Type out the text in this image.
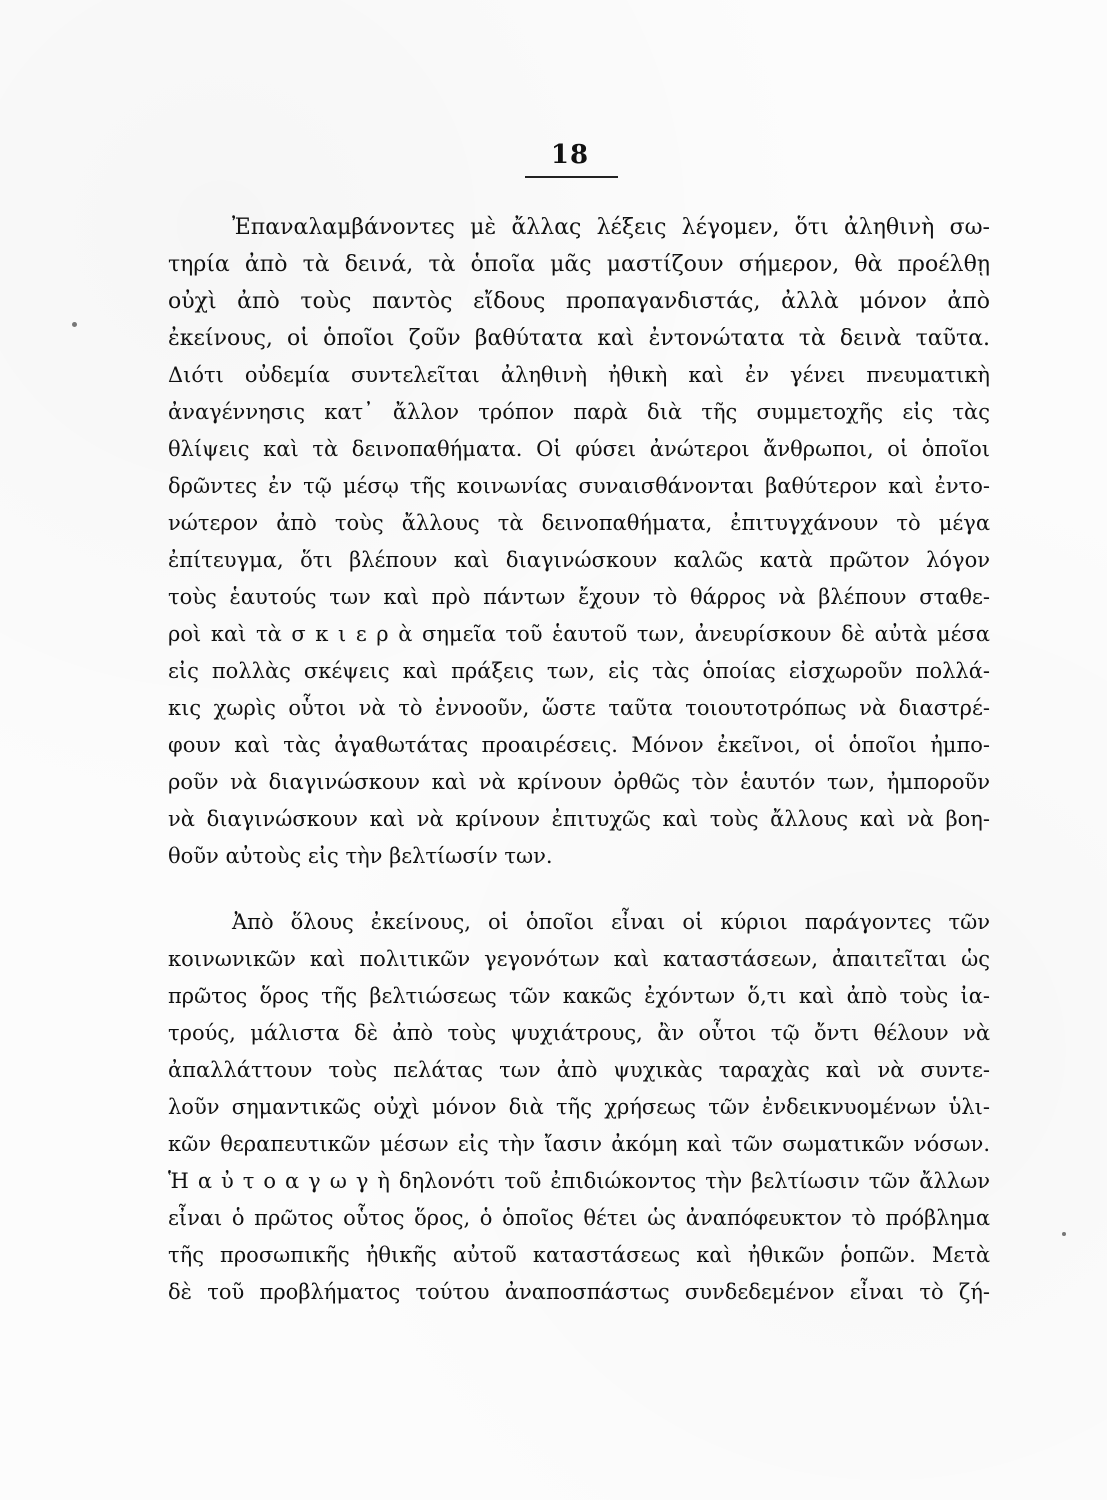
18
Ἐπαναλαμβάνοντες μὲ ἄλλας λέξεις λέγομεν, ὅτι ἀληθινὴ σω-
τηρία ἀπὸ τὰ δεινά, τὰ ὁποῖα μᾶς μαστίζουν σήμερον, θὰ προέλθῃ
οὐχὶ ἀπὸ τοὺς παντὸς εἴδους προπαγανδιστάς, ἀλλὰ μόνον ἀπὸ
ἐκείνους, οἱ ὁποῖοι ζοῦν βαθύτατα καὶ ἐντονώτατα τὰ δεινὰ ταῦτα.
Διότι οὐδεμία συντελεῖται ἀληθινὴ ἠθικὴ καὶ ἐν γένει πνευματικὴ
ἀναγέννησις κατ᾽ ἄλλον τρόπον παρὰ διὰ τῆς συμμετοχῆς εἰς τὰς
θλίψεις καὶ τὰ δεινοπαθήματα. Οἱ φύσει ἀνώτεροι ἄνθρωποι, οἱ ὁποῖοι
δρῶντες ἐν τῷ μέσῳ τῆς κοινωνίας συναισθάνονται βαθύτερον καὶ ἐντο-
νώτερον ἀπὸ τοὺς ἄλλους τὰ δεινοπαθήματα, ἐπιτυγχάνουν τὸ μέγα
ἐπίτευγμα, ὅτι βλέπουν καὶ διαγινώσκουν καλῶς κατὰ πρῶτον λόγον
τοὺς ἑαυτούς των καὶ πρὸ πάντων ἔχουν τὸ θάρρος νὰ βλέπουν σταθε-
ροὶ καὶ τὰ σ κ ι ε ρ ὰ σημεῖα τοῦ ἑαυτοῦ των, ἀνευρίσκουν δὲ αὐτὰ μέσα
εἰς πολλὰς σκέψεις καὶ πράξεις των, εἰς τὰς ὁποίας εἰσχωροῦν πολλά-
κις χωρὶς οὗτοι νὰ τὸ ἐννοοῦν, ὥστε ταῦτα τοιουτοτρόπως νὰ διαστρέ-
φουν καὶ τὰς ἀγαθωτάτας προαιρέσεις. Μόνον ἐκεῖνοι, οἱ ὁποῖοι ἠμπο-
ροῦν νὰ διαγινώσκουν καὶ νὰ κρίνουν ὀρθῶς τὸν ἑαυτόν των, ἠμποροῦν
νὰ διαγινώσκουν καὶ νὰ κρίνουν ἐπιτυχῶς καὶ τοὺς ἄλλους καὶ νὰ βοη-
θοῦν αὐτοὺς εἰς τὴν βελτίωσίν των.
Ἀπὸ ὅλους ἐκείνους, οἱ ὁποῖοι εἶναι οἱ κύριοι παράγοντες τῶν
κοινωνικῶν καὶ πολιτικῶν γεγονότων καὶ καταστάσεων, ἀπαιτεῖται ὡς
πρῶτος ὅρος τῆς βελτιώσεως τῶν κακῶς ἐχόντων ὅ,τι καὶ ἀπὸ τοὺς ἰα-
τρούς, μάλιστα δὲ ἀπὸ τοὺς ψυχιάτρους, ἂν οὗτοι τῷ ὄντι θέλουν νὰ
ἀπαλλάττουν τοὺς πελάτας των ἀπὸ ψυχικὰς ταραχὰς καὶ νὰ συντε-
λοῦν σημαντικῶς οὐχὶ μόνον διὰ τῆς χρήσεως τῶν ἐνδεικνυομένων ὑλι-
κῶν θεραπευτικῶν μέσων εἰς τὴν ἴασιν ἀκόμη καὶ τῶν σωματικῶν νόσων.
Ἡ α ὐ τ ο α γ ω γ ὴ δηλονότι τοῦ ἐπιδιώκοντος τὴν βελτίωσιν τῶν ἄλλων
εἶναι ὁ πρῶτος οὗτος ὅρος, ὁ ὁποῖος θέτει ὡς ἀναπόφευκτον τὸ πρόβλημα
τῆς προσωπικῆς ἠθικῆς αὐτοῦ καταστάσεως καὶ ἠθικῶν ῥοπῶν. Μετὰ
δὲ τοῦ προβλήματος τούτου ἀναποσπάστως συνδεδεμένον εἶναι τὸ ζή-
